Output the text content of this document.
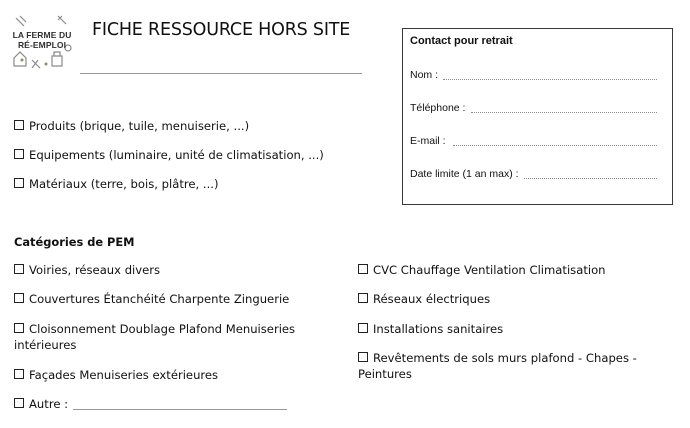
LA FERME DU
RÉ-EMPLOI
FICHE RESSOURCE HORS SITE
Contact pour retrait
Nom :
Téléphone :
E-mail :
Date limite (1 an max) :
Produits (brique, tuile, menuiserie, ...)
Equipements (luminaire, unité de climatisation, ...)
Matériaux (terre, bois, plâtre, ...)
Catégories de PEM
Voiries, réseaux divers
Couvertures Étanchéité Charpente Zinguerie
Cloisonnement Doublage Plafond Menuiseries intérieures
Façades Menuiseries extérieures
Autre :
CVC Chauffage Ventilation Climatisation
Réseaux électriques
Installations sanitaires
Revêtements de sols murs plafond - Chapes - Peintures
